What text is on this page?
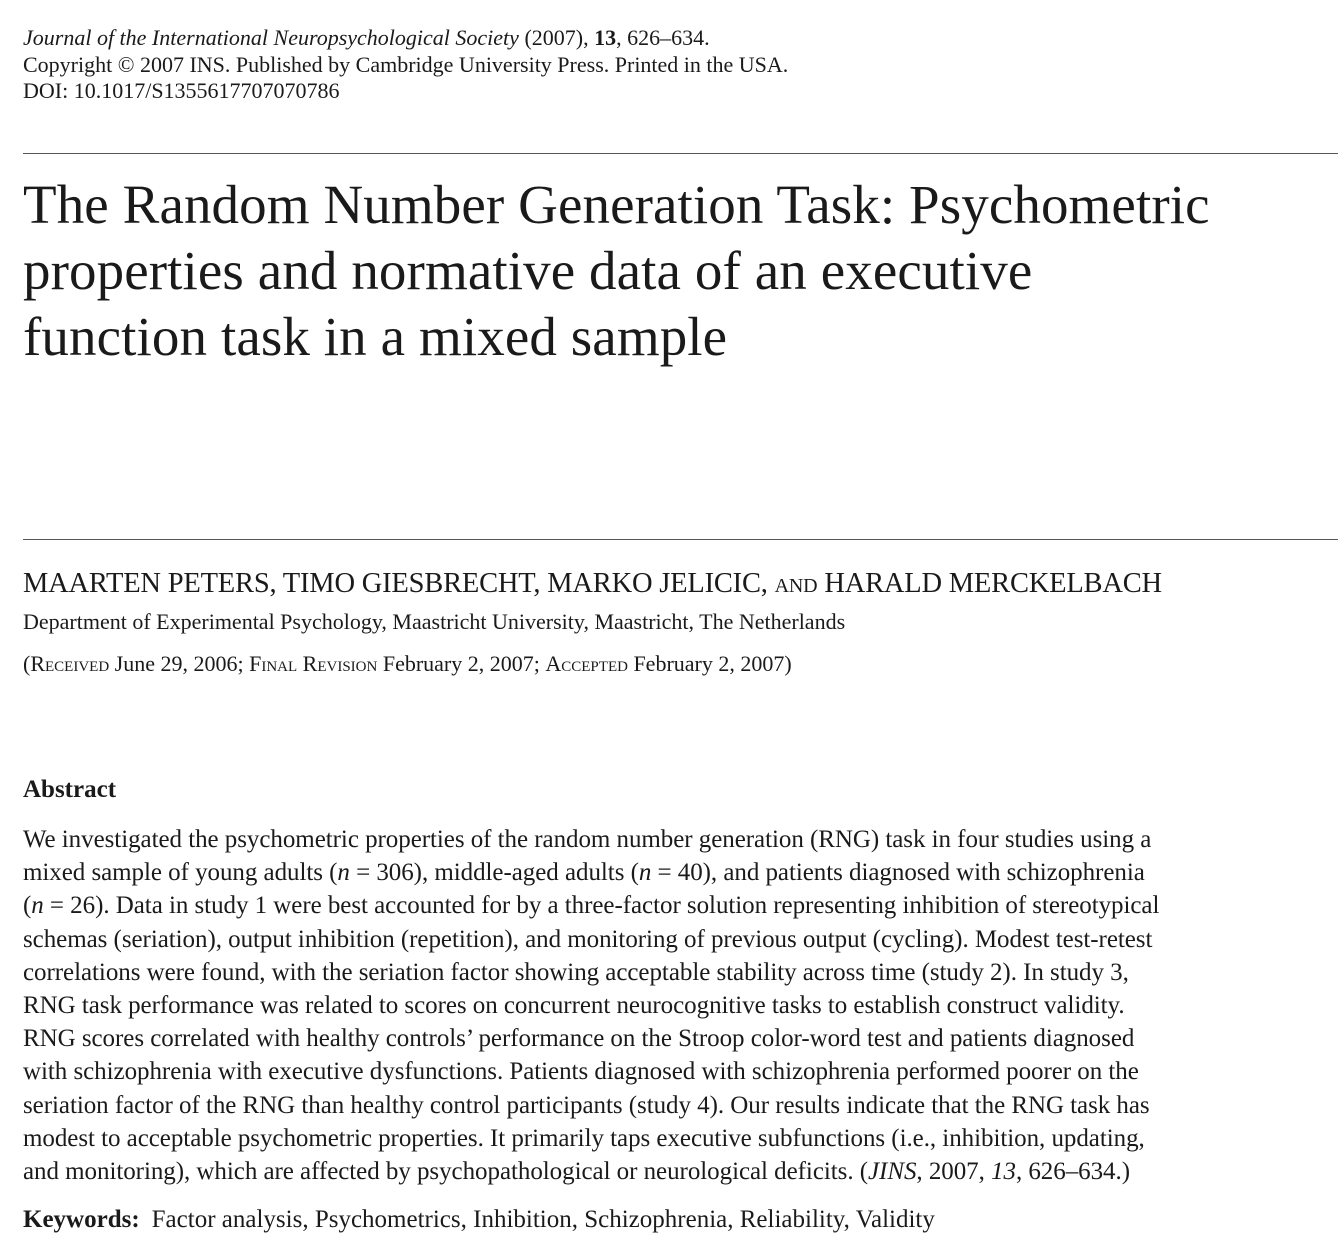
Journal of the International Neuropsychological Society (2007), 13, 626–634.
Copyright © 2007 INS. Published by Cambridge University Press. Printed in the USA.
DOI: 10.1017/S1355617707070786
The Random Number Generation Task: Psychometric
properties and normative data of an executive
function task in a mixed sample
MAARTEN PETERS, TIMO GIESBRECHT, MARKO JELICIC, and HARALD MERCKELBACH
Department of Experimental Psychology, Maastricht University, Maastricht, The Netherlands
(Received June 29, 2006; Final Revision February 2, 2007; Accepted February 2, 2007)
Abstract

We investigated the psychometric properties of the random number generation (RNG) task in four studies using a
mixed sample of young adults (n = 306), middle-aged adults (n = 40), and patients diagnosed with schizophrenia
(n = 26). Data in study 1 were best accounted for by a three-factor solution representing inhibition of stereotypical
schemas (seriation), output inhibition (repetition), and monitoring of previous output (cycling). Modest test-retest
correlations were found, with the seriation factor showing acceptable stability across time (study 2). In study 3,
RNG task performance was related to scores on concurrent neurocognitive tasks to establish construct validity.
RNG scores correlated with healthy controls’ performance on the Stroop color-word test and patients diagnosed
with schizophrenia with executive dysfunctions. Patients diagnosed with schizophrenia performed poorer on the
seriation factor of the RNG than healthy control participants (study 4). Our results indicate that the RNG task has
modest to acceptable psychometric properties. It primarily taps executive subfunctions (i.e., inhibition, updating,
and monitoring), which are affected by psychopathological or neurological deficits. (JINS, 2007, 13, 626–634.)

Keywords: Factor analysis, Psychometrics, Inhibition, Schizophrenia, Reliability, Validity
